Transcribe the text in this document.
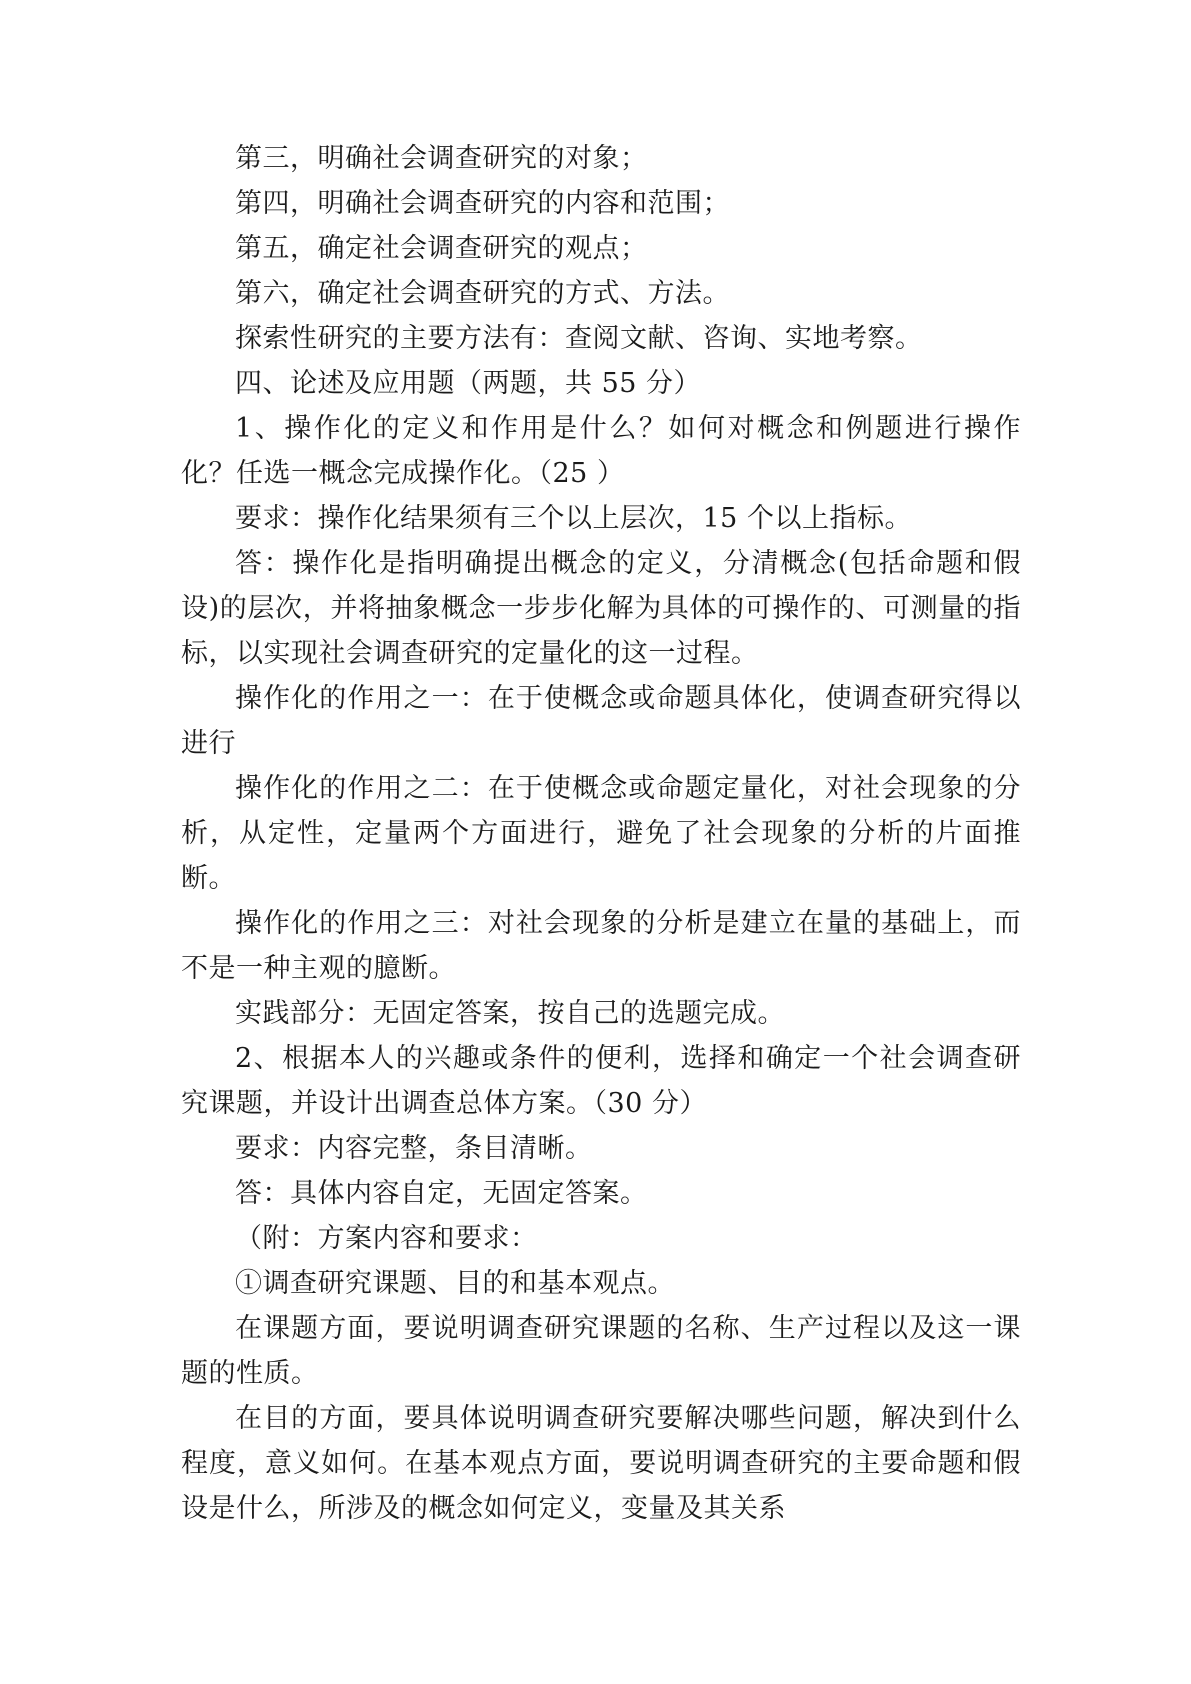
第三，明确社会调查研究的对象；

第四，明确社会调查研究的内容和范围；

第五，确定社会调查研究的观点；

第六，确定社会调查研究的方式、方法。

探索性研究的主要方法有：查阅文献、咨询、实地考察。

四、论述及应用题（两题，共 55 分）

1、操作化的定义和作用是什么？如何对概念和例题进行操作化？任选一概念完成操作化。（25 ）

要求：操作化结果须有三个以上层次，15 个以上指标。

答：操作化是指明确提出概念的定义，分清概念(包括命题和假设)的层次，并将抽象概念一步步化解为具体的可操作的、可测量的指标，以实现社会调查研究的定量化的这一过程。

操作化的作用之一：在于使概念或命题具体化，使调查研究得以进行

操作化的作用之二：在于使概念或命题定量化，对社会现象的分析，从定性，定量两个方面进行，避免了社会现象的分析的片面推断。

操作化的作用之三：对社会现象的分析是建立在量的基础上，而不是一种主观的臆断。

实践部分：无固定答案，按自己的选题完成。

2、根据本人的兴趣或条件的便利，选择和确定一个社会调查研究课题，并设计出调查总体方案。（30 分）

要求：内容完整，条目清晰。

答：具体内容自定，无固定答案。

（附：方案内容和要求：

①调查研究课题、目的和基本观点。

在课题方面，要说明调查研究课题的名称、生产过程以及这一课题的性质。

在目的方面，要具体说明调查研究要解决哪些问题，解决到什么程度，意义如何。在基本观点方面，要说明调查研究的主要命题和假设是什么，所涉及的概念如何定义，变量及其关系
